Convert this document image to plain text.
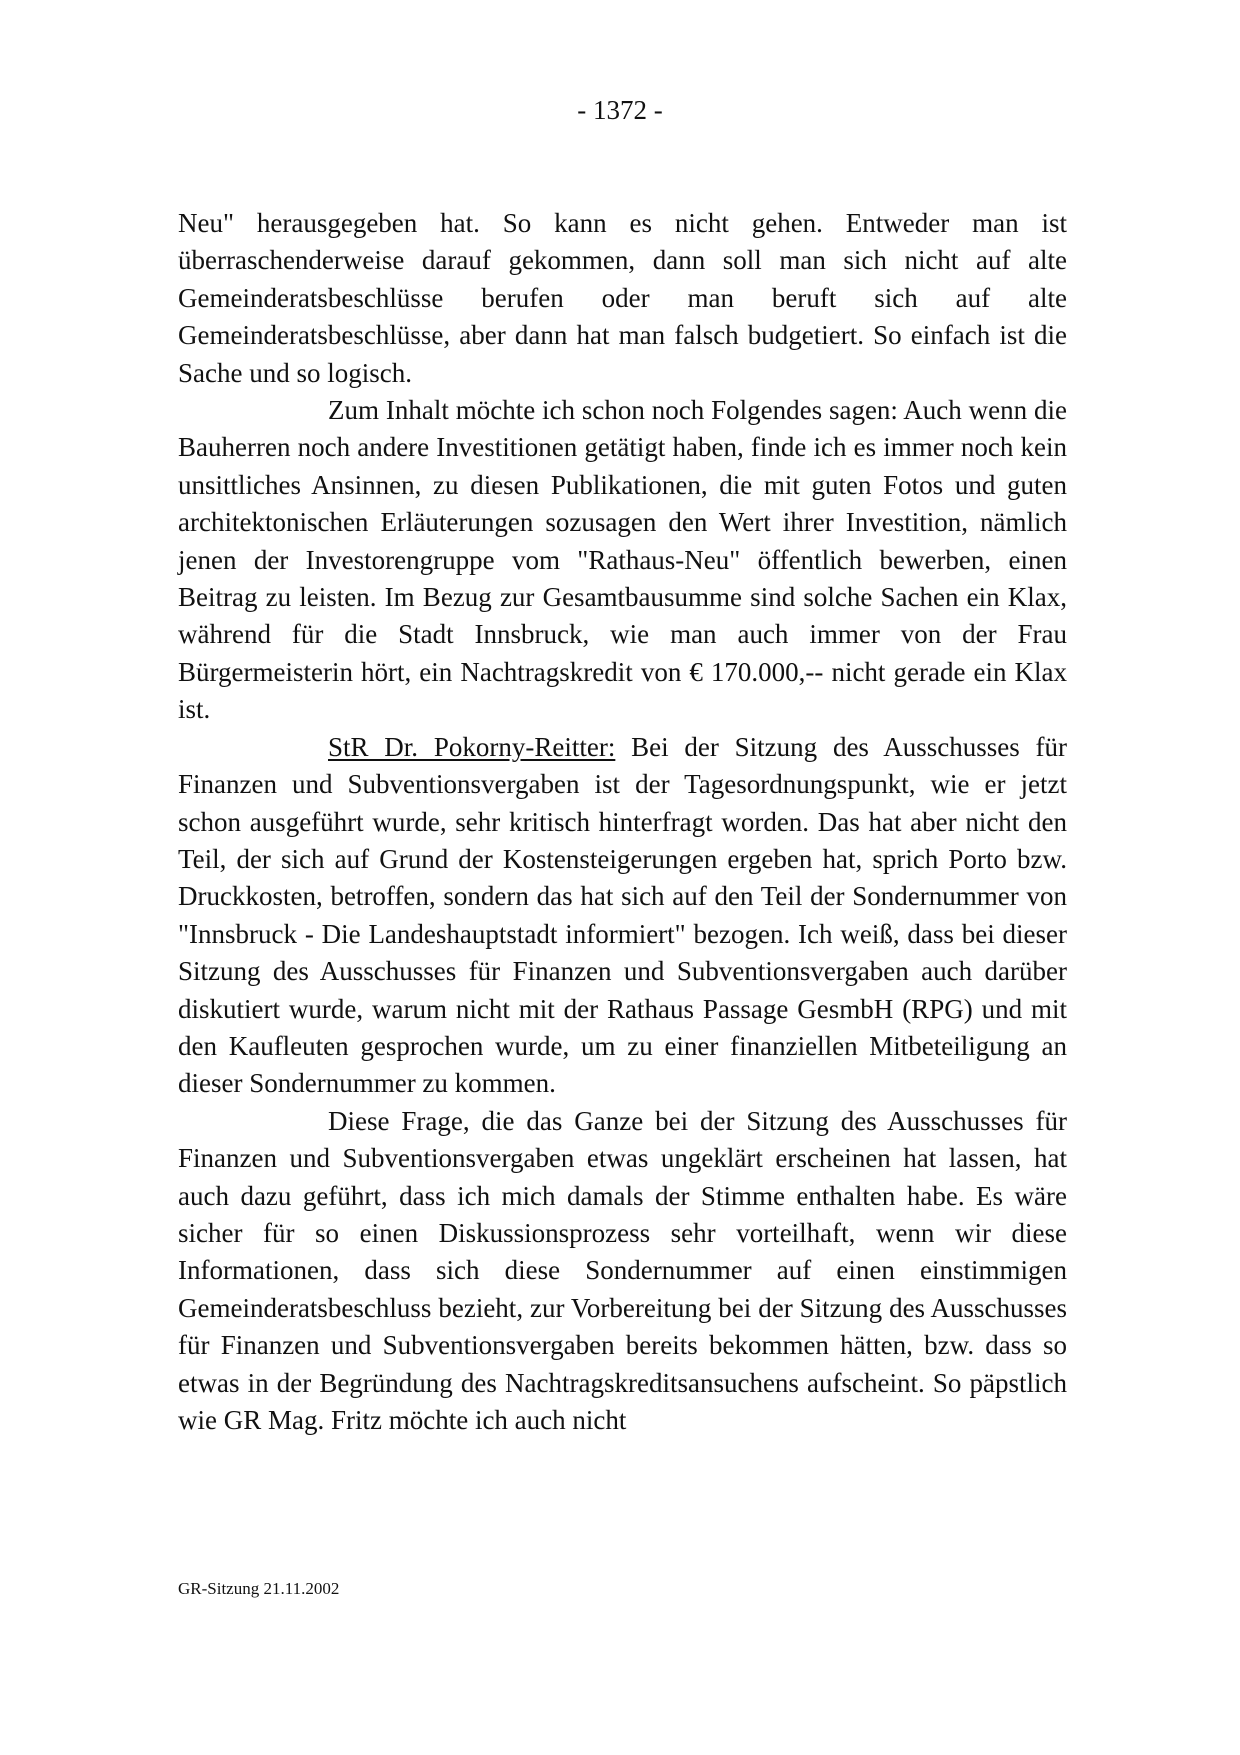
- 1372 -

Neu" herausgegeben hat. So kann es nicht gehen. Entweder man ist überraschenderweise darauf gekommen, dann soll man sich nicht auf alte Gemeinderatsbeschlüsse berufen oder man beruft sich auf alte Gemeinderatsbeschlüsse, aber dann hat man falsch budgetiert. So einfach ist die Sache und so logisch.

Zum Inhalt möchte ich schon noch Folgendes sagen: Auch wenn die Bauherren noch andere Investitionen getätigt haben, finde ich es immer noch kein unsittliches Ansinnen, zu diesen Publikationen, die mit guten Fotos und guten architektonischen Erläuterungen sozusagen den Wert ihrer Investition, nämlich jenen der Investorengruppe vom "Rathaus-Neu" öffentlich bewerben, einen Beitrag zu leisten. Im Bezug zur Gesamtbausumme sind solche Sachen ein Klax, während für die Stadt Innsbruck, wie man auch immer von der Frau Bürgermeisterin hört, ein Nachtragskredit von € 170.000,-- nicht gerade ein Klax ist.

StR Dr. Pokorny-Reitter: Bei der Sitzung des Ausschusses für Finanzen und Subventionsvergaben ist der Tagesordnungspunkt, wie er jetzt schon ausgeführt wurde, sehr kritisch hinterfragt worden. Das hat aber nicht den Teil, der sich auf Grund der Kostensteigerungen ergeben hat, sprich Porto bzw. Druckkosten, betroffen, sondern das hat sich auf den Teil der Sondernummer von "Innsbruck - Die Landeshauptstadt informiert" bezogen. Ich weiß, dass bei dieser Sitzung des Ausschusses für Finanzen und Subventionsvergaben auch darüber diskutiert wurde, warum nicht mit der Rathaus Passage GesmbH (RPG) und mit den Kaufleuten gesprochen wurde, um zu einer finanziellen Mitbeteiligung an dieser Sondernummer zu kommen.

Diese Frage, die das Ganze bei der Sitzung des Ausschusses für Finanzen und Subventionsvergaben etwas ungeklärt erscheinen hat lassen, hat auch dazu geführt, dass ich mich damals der Stimme enthalten habe. Es wäre sicher für so einen Diskussionsprozess sehr vorteilhaft, wenn wir diese Informationen, dass sich diese Sondernummer auf einen einstimmigen Gemeinderatsbeschluss bezieht, zur Vorbereitung bei der Sitzung des Ausschusses für Finanzen und Subventionsvergaben bereits bekommen hätten, bzw. dass so etwas in der Begründung des Nachtragskreditsansuchens aufscheint. So päpstlich wie GR Mag. Fritz möchte ich auch nicht

GR-Sitzung 21.11.2002
